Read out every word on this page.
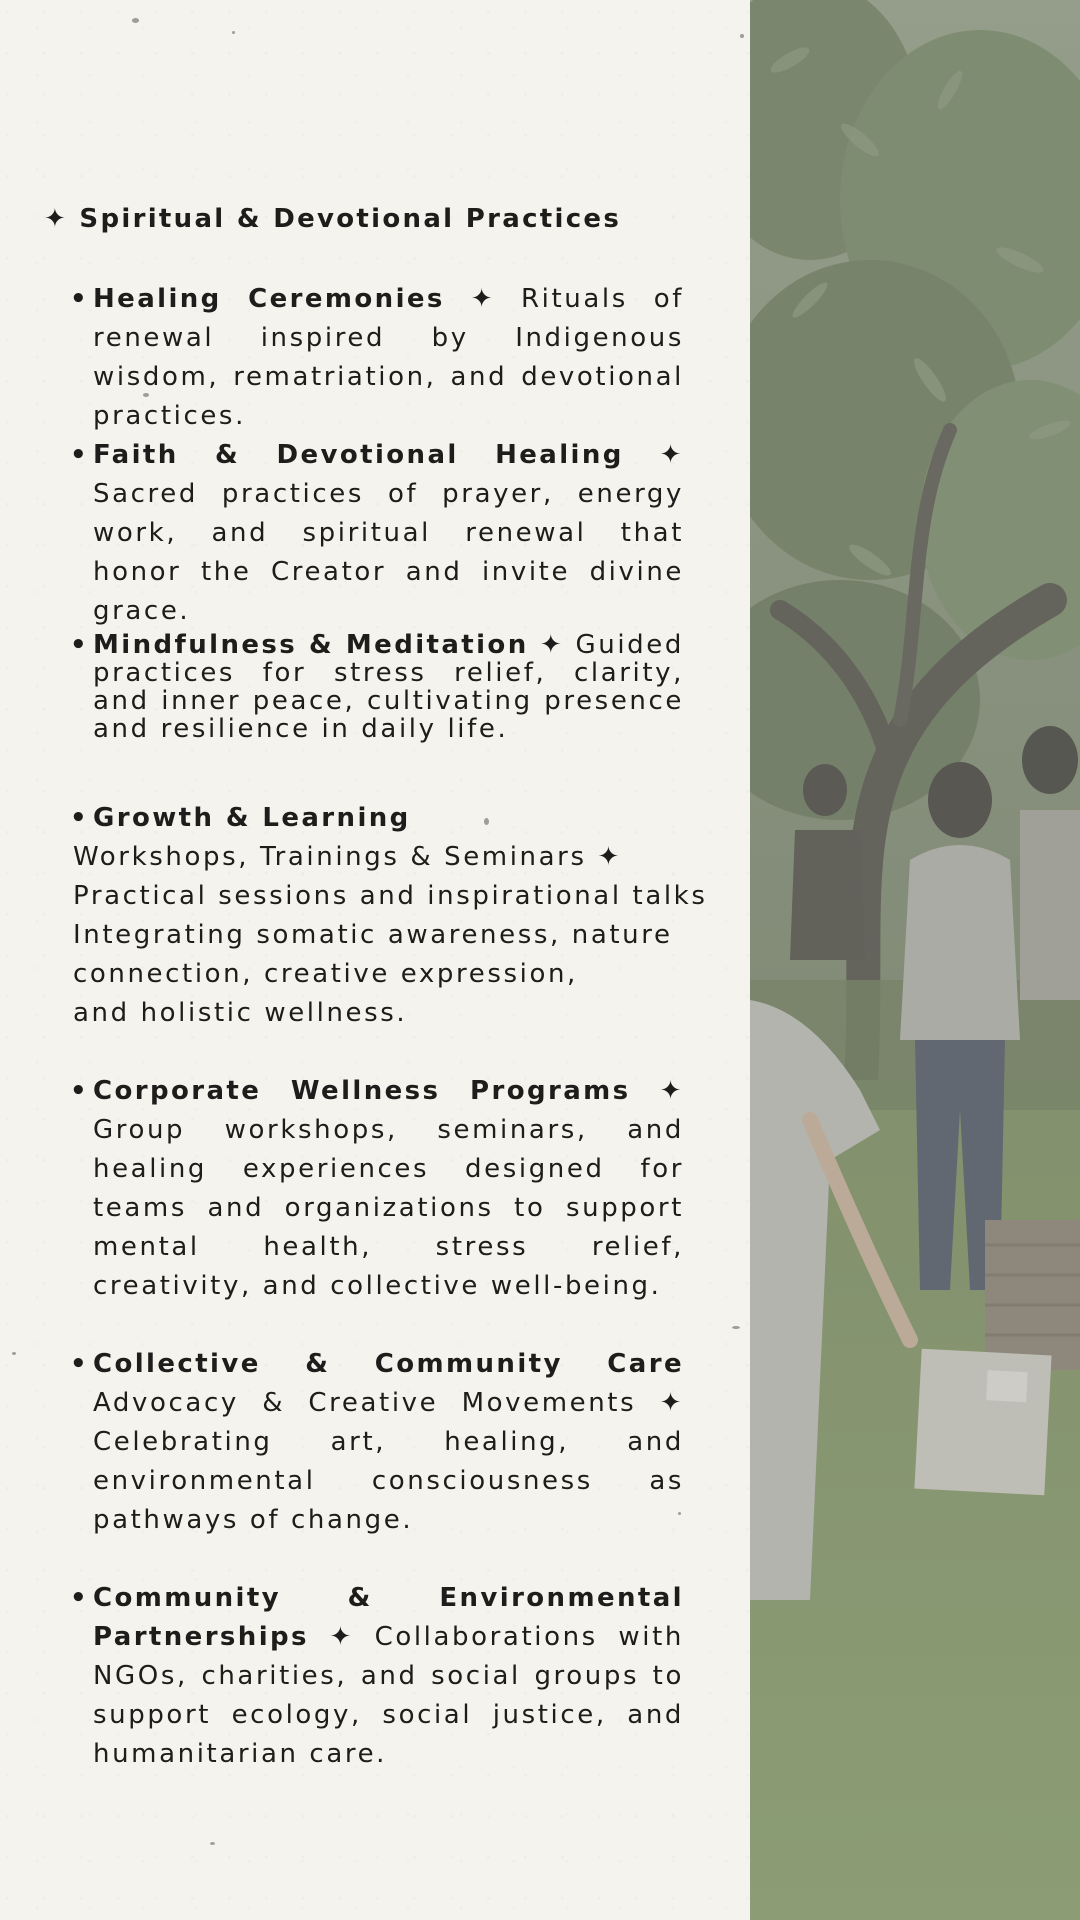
✦ Spiritual & Devotional Practices
• Healing Ceremonies ✦ Rituals of renewal inspired by Indigenous wisdom, rematriation, and devotional practices.
• Faith & Devotional Healing ✦ Sacred practices of prayer, energy work, and spiritual renewal that honor the Creator and invite divine grace.
• Mindfulness & Meditation ✦ Guided practices for stress relief, clarity, and inner peace, cultivating presence and resilience in daily life.
• Growth & Learning
Workshops, Trainings & Seminars ✦
Practical sessions and inspirational talks
Integrating somatic awareness, nature
connection, creative expression,
and holistic wellness.
• Corporate Wellness Programs ✦ Group workshops, seminars, and healing experiences designed for teams and organizations to support mental health, stress relief, creativity, and collective well-being.
• Collective & Community Care Advocacy & Creative Movements ✦ Celebrating art, healing, and environmental consciousness as pathways of change.
• Community & Environmental Partnerships ✦ Collaborations with NGOs, charities, and social groups to support ecology, social justice, and humanitarian care.
